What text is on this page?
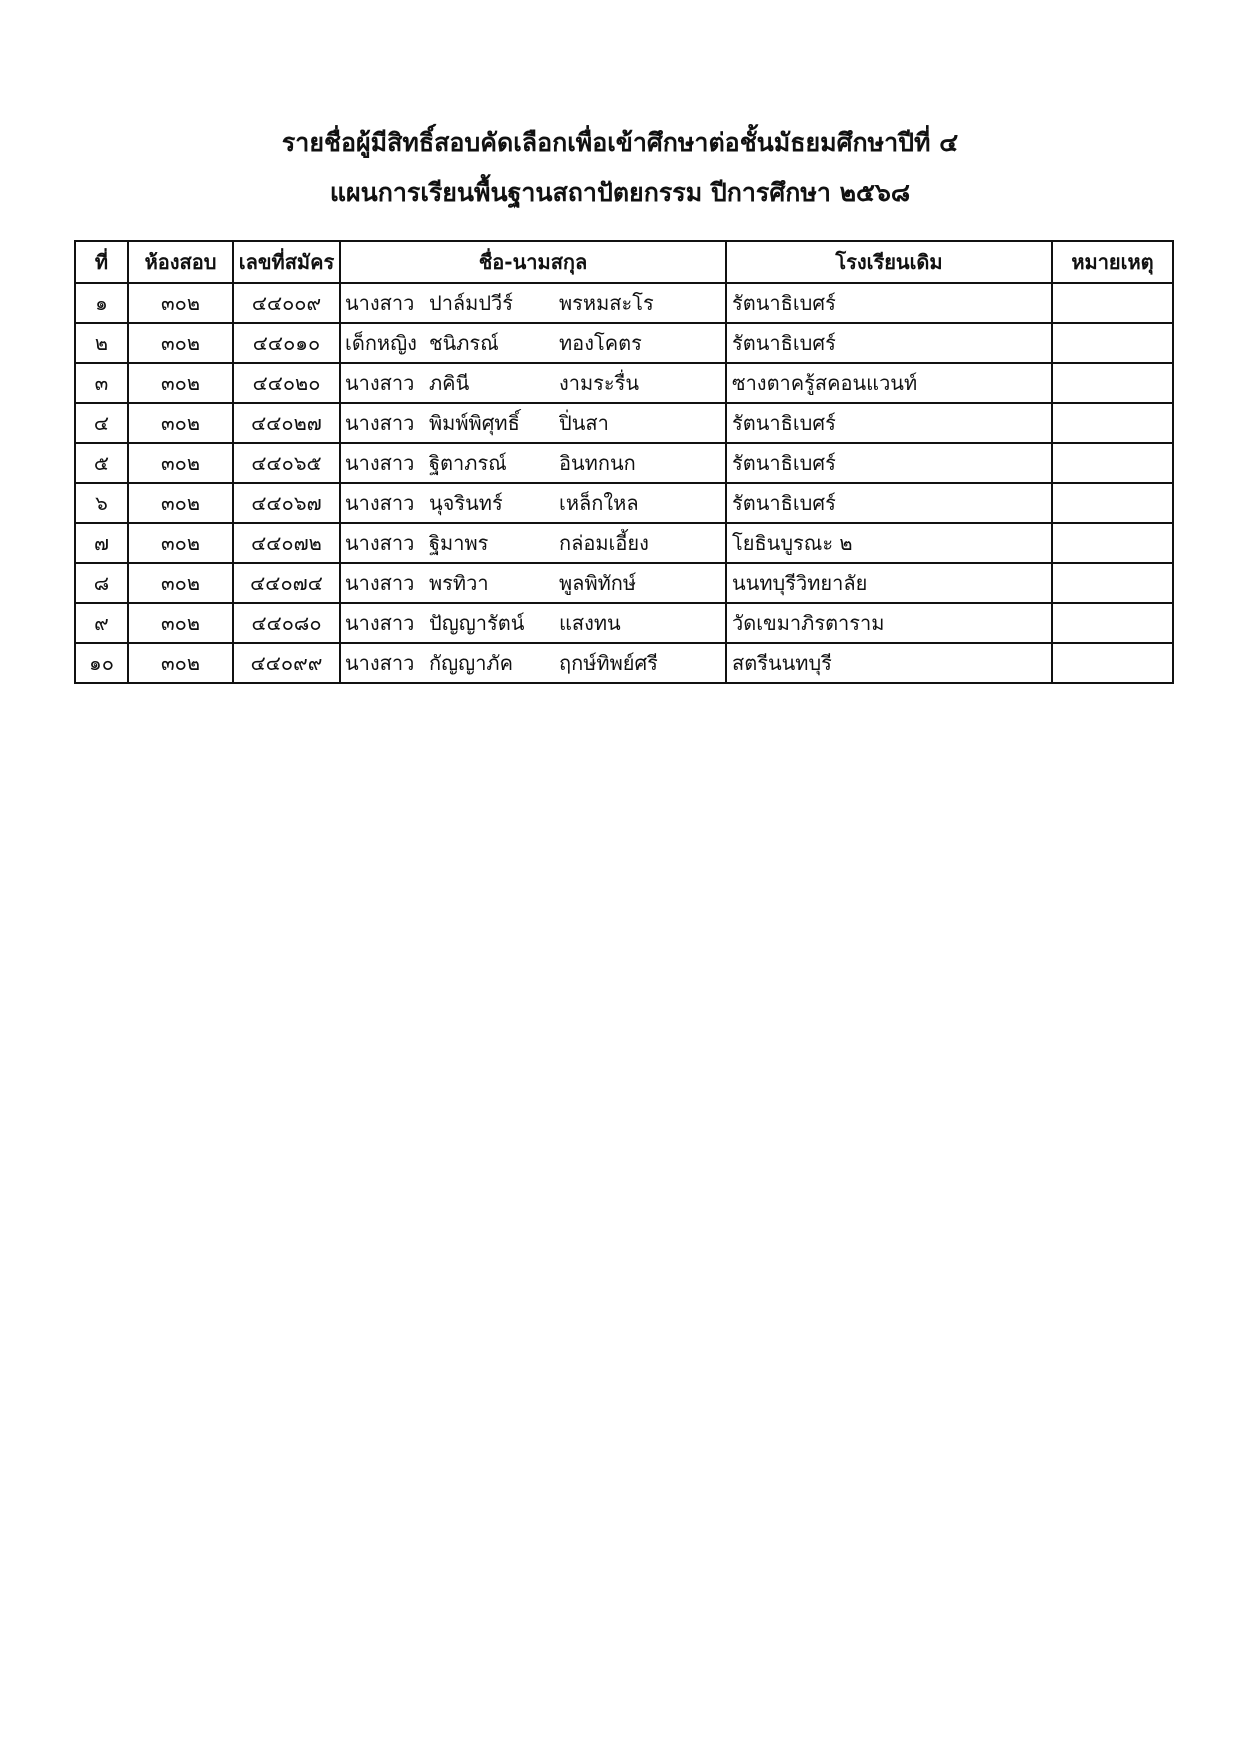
รายชื่อผู้มีสิทธิ์สอบคัดเลือกเพื่อเข้าศึกษาต่อชั้นมัธยมศึกษาปีที่ ๔
แผนการเรียนพื้นฐานสถาปัตยกรรม ปีการศึกษา ๒๕๖๘
ที่	ห้องสอบ	เลขที่สมัคร	ชื่อ-นามสกุล	โรงเรียนเดิม	หมายเหตุ
๑	๓๐๒	๔๔๐๐๙	นางสาว ปาล์มปวีร์ พรหมสะโร	รัตนาธิเบศร์	
๒	๓๐๒	๔๔๐๑๐	เด็กหญิง ชนิภรณ์ ทองโคตร	รัตนาธิเบศร์	
๓	๓๐๒	๔๔๐๒๐	นางสาว ภคินี งามระรื่น	ซางตาครู้สคอนแวนท์	
๔	๓๐๒	๔๔๐๒๗	นางสาว พิมพ์พิศุทธิ์ ปิ่นสา	รัตนาธิเบศร์	
๕	๓๐๒	๔๔๐๖๕	นางสาว ฐิตาภรณ์ อินทกนก	รัตนาธิเบศร์	
๖	๓๐๒	๔๔๐๖๗	นางสาว นุจรินทร์ เหล็กใหล	รัตนาธิเบศร์	
๗	๓๐๒	๔๔๐๗๒	นางสาว ฐิมาพร กล่อมเอี้ยง	โยธินบูรณะ ๒	
๘	๓๐๒	๔๔๐๗๔	นางสาว พรทิวา พูลพิทักษ์	นนทบุรีวิทยาลัย	
๙	๓๐๒	๔๔๐๘๐	นางสาว ปัญญารัตน์ แสงทน	วัดเขมาภิรตาราม	
๑๐	๓๐๒	๔๔๐๙๙	นางสาว กัญญาภัค ฤกษ์ทิพย์ศรี	สตรีนนทบุรี	
